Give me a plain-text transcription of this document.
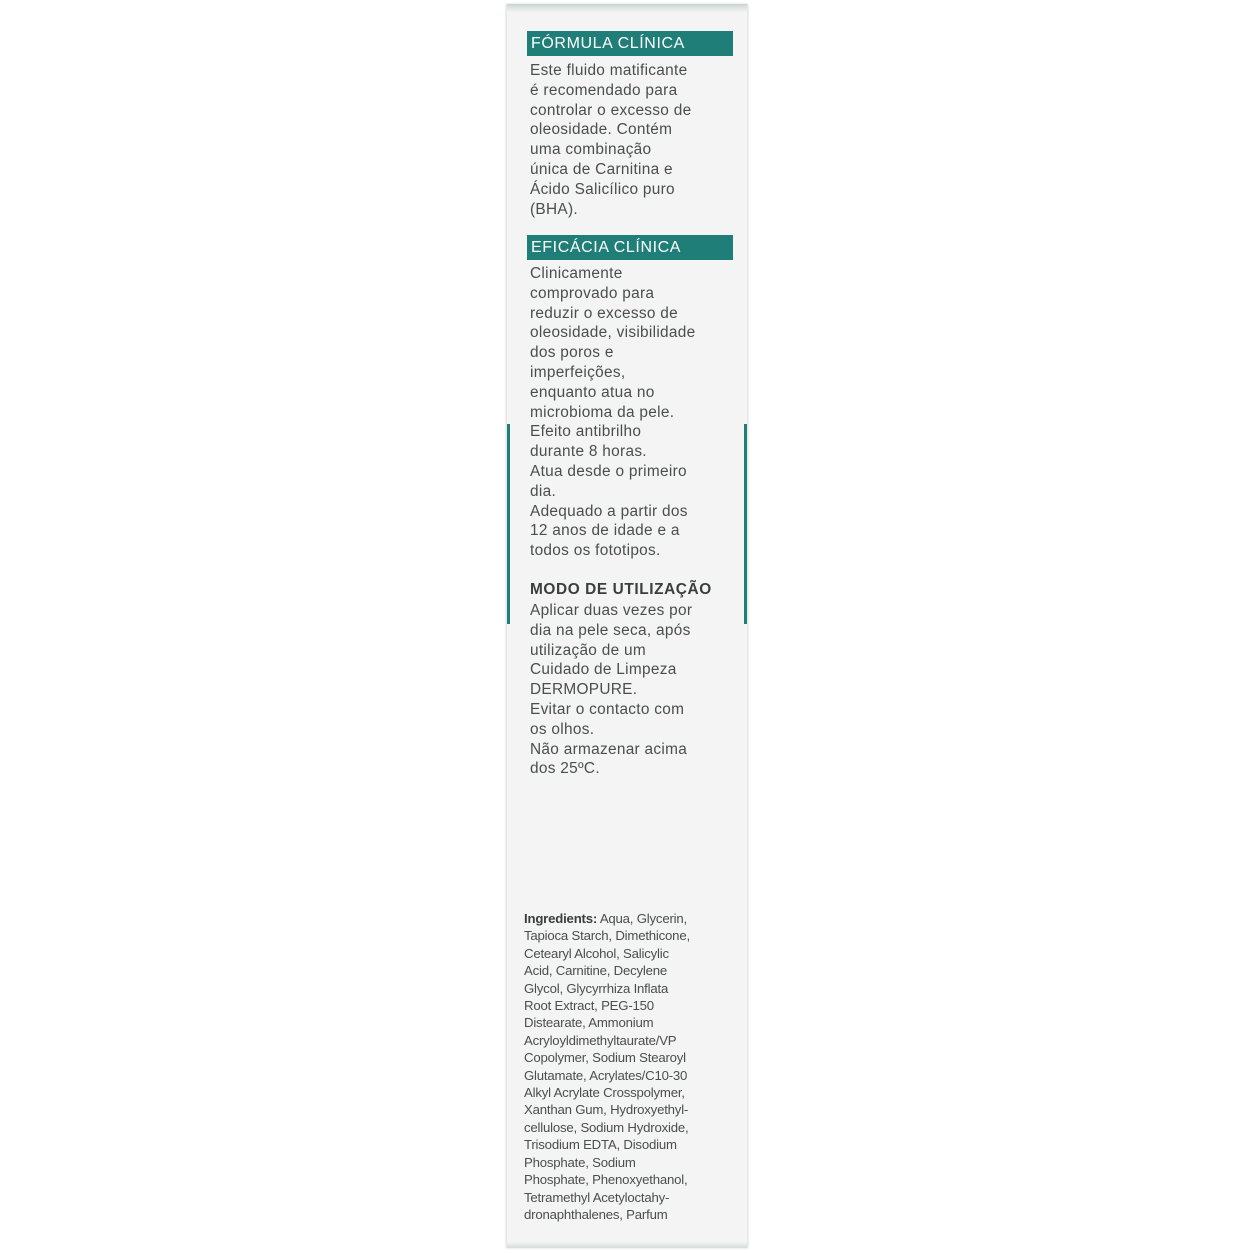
FÓRMULA CLÍNICA
Este fluido matificante
é recomendado para
controlar o excesso de
oleosidade. Contém
uma combinação
única de Carnitina e
Ácido Salicílico puro
(BHA).
EFICÁCIA CLÍNICA
Clinicamente
comprovado para
reduzir o excesso de
oleosidade, visibilidade
dos poros e
imperfeições,
enquanto atua no
microbioma da pele.
Efeito antibrilho
durante 8 horas.
Atua desde o primeiro
dia.
Adequado a partir dos
12 anos de idade e a
todos os fototipos.
MODO DE UTILIZAÇÃO
Aplicar duas vezes por
dia na pele seca, após
utilização de um
Cuidado de Limpeza
DERMOPURE.
Evitar o contacto com
os olhos.
Não armazenar acima
dos 25ºC.
Ingredients: Aqua, Glycerin,
Tapioca Starch, Dimethicone,
Cetearyl Alcohol, Salicylic
Acid, Carnitine, Decylene
Glycol, Glycyrrhiza Inflata
Root Extract, PEG-150
Distearate, Ammonium
Acryloyldimethyltaurate/VP
Copolymer, Sodium Stearoyl
Glutamate, Acrylates/C10-30
Alkyl Acrylate Crosspolymer,
Xanthan Gum, Hydroxyethyl-
cellulose, Sodium Hydroxide,
Trisodium EDTA, Disodium
Phosphate, Sodium
Phosphate, Phenoxyethanol,
Tetramethyl Acetyloctahy-
dronaphthalenes, Parfum
